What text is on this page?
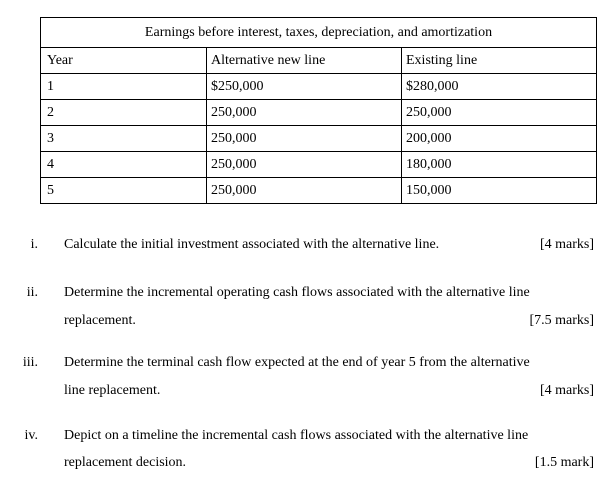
Earnings before interest, taxes, depreciation, and amortization		
Year	Alternative new line	Existing line
1	$250,000	$280,000
2	250,000	250,000
3	250,000	200,000
4	250,000	180,000
5	250,000	150,000
i. Calculate the initial investment associated with the alternative line.	[4 marks]
ii. Determine the incremental operating cash flows associated with the alternative line
replacement.	[7.5 marks]
iii. Determine the terminal cash flow expected at the end of year 5 from the alternative
line replacement.	[4 marks]
iv. Depict on a timeline the incremental cash flows associated with the alternative line
replacement decision.	[1.5 mark]
